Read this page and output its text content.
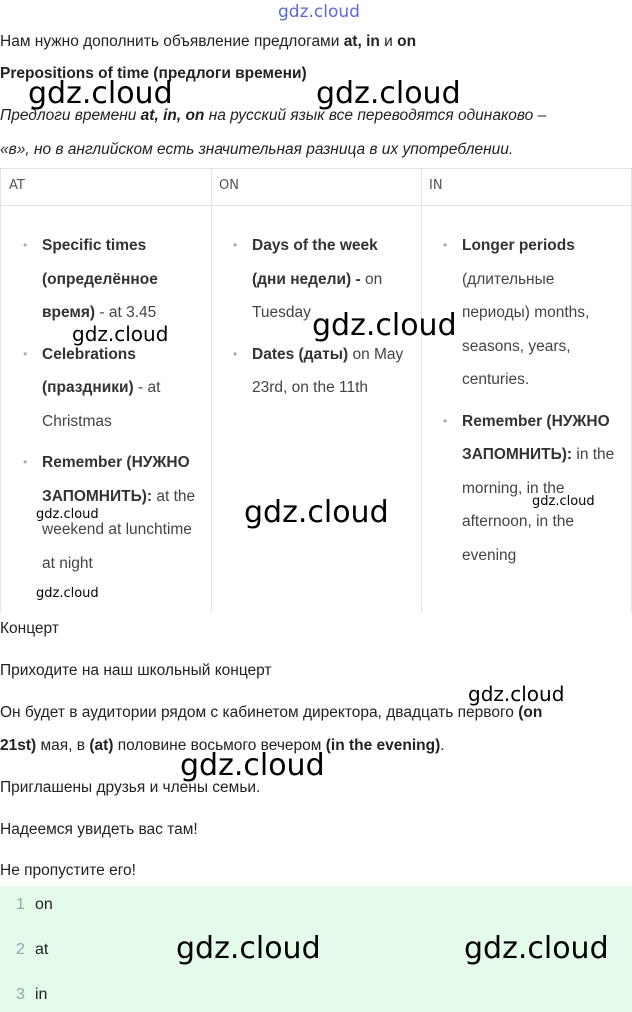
gdz.cloud
Нам нужно дополнить объявление предлогами at, in и on
Prepositions of time (предлоги времени)
Предлоги времени at, in, on на русский язык все переводятся одинаково –
«в», но в английском есть значительная разница в их употреблении.
AT
• Specific times (определённое время) - at 3.45
• Celebrations (праздники) - at Christmas
• Remember (НУЖНО ЗАПОМНИТЬ): at the weekend at lunchtime at night
ON
• Days of the week (дни недели) - on Tuesday
• Dates (даты) on May 23rd, on the 11th
IN
• Longer periods (длительные периоды) months, seasons, years, centuries.
• Remember (НУЖНО ЗАПОМНИТЬ): in the morning, in the afternoon, in the evening
Концерт
Приходите на наш школьный концерт
Он будет в аудитории рядом с кабинетом директора, двадцать первого (on
21st) мая, в (at) половине восьмого вечером (in the evening).
Приглашены друзья и члены семьи.
Надеемся увидеть вас там!
Не пропустите его!
1 on
2 at
3 in
gdz.cloud	gdz.cloud
gdz.cloud	gdz.cloud
gdz.cloud
gdz.cloud	gdz.cloud
gdz.cloud
gdz.cloud
gdz.cloud
gdz.cloud	gdz.cloud
